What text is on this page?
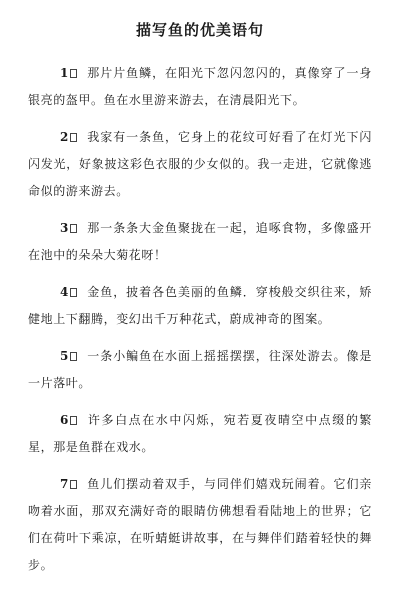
描写鱼的优美语句

1 那片片鱼鳞，在阳光下忽闪忽闪的，真像穿了一身银亮的盔甲。鱼在水里游来游去，在清晨阳光下。

2 我家有一条鱼，它身上的花纹可好看了在灯光下闪闪发光，好象披这彩色衣服的少女似的。我一走进，它就像逃命似的游来游去。

3 那一条条大金鱼聚拢在一起，追啄食物，多像盛开在池中的朵朵大菊花呀！

4 金鱼，披着各色美丽的鱼鳞．穿梭般交织往来，矫健地上下翻腾，变幻出千万种花式，蔚成神奇的图案。

5 一条小鳊鱼在水面上摇摇摆摆，往深处游去。像是一片落叶。

6 许多白点在水中闪烁，宛若夏夜晴空中点缀的繁星，那是鱼群在戏水。

7 鱼儿们摆动着双手，与同伴们嬉戏玩闹着。它们亲吻着水面，那双充满好奇的眼睛仿佛想看看陆地上的世界；它们在荷叶下乘凉，在听蜻蜓讲故事，在与舞伴们踏着轻快的舞步。
